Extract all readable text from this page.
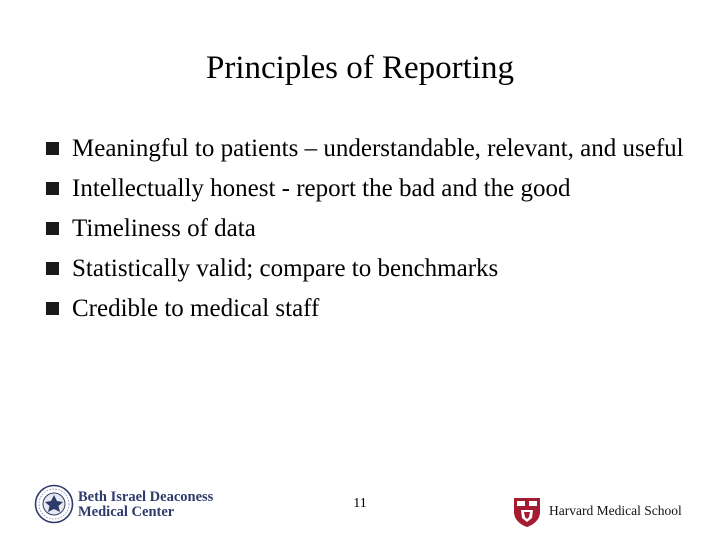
Principles of Reporting
Meaningful to patients – understandable, relevant, and useful
Intellectually honest - report the bad and the good
Timeliness of data
Statistically valid; compare to benchmarks
Credible to medical staff
Beth Israel Deaconess
Medical Center
11	Harvard Medical School
